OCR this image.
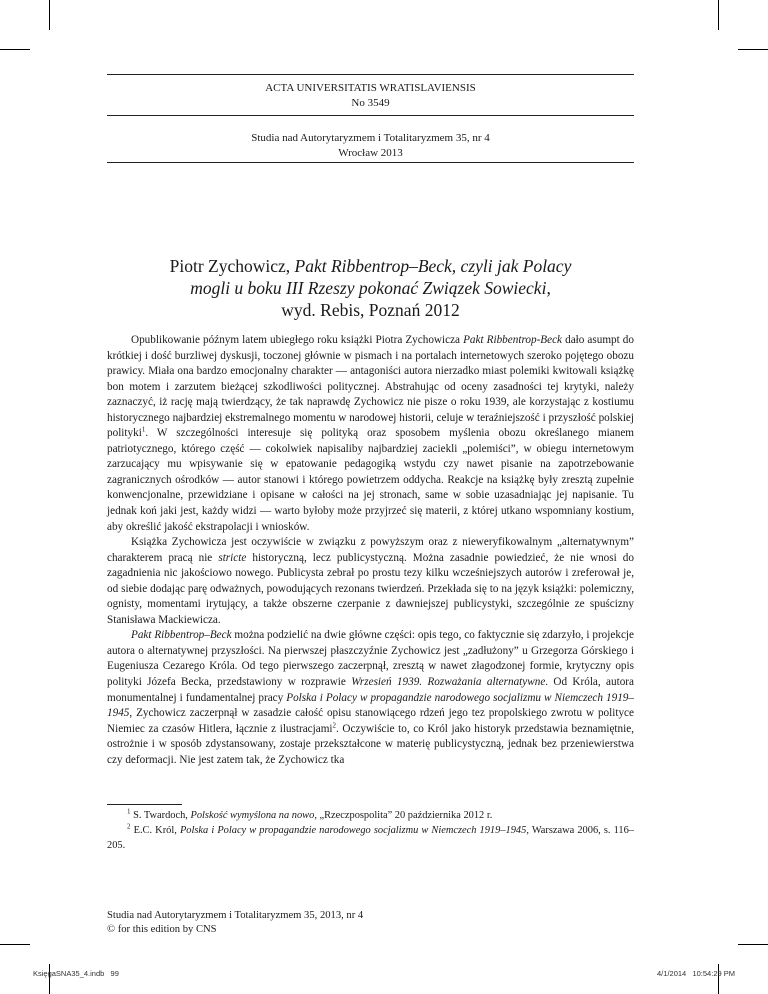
ACTA UNIVERSITATIS WRATISLAVIENSIS
No 3549
Studia nad Autorytaryzmem i Totalitaryzmem 35, nr 4
Wrocław 2013
Piotr Zychowicz, Pakt Ribbentrop–Beck, czyli jak Polacy
mogli u boku III Rzeszy pokonać Związek Sowiecki,
wyd. Rebis, Poznań 2012

Opublikowanie późnym latem ubiegłego roku książki Piotra Zychowicza Pakt Ribbentrop-Beck dało asumpt do krótkiej i dość burzliwej dyskusji, toczonej głównie w pismach i na portalach internetowych szeroko pojętego obozu prawicy. Miała ona bardzo emocjonalny charakter — antagoniści autora nierzadko miast polemiki kwitowali książkę bon motem i zarzutem bieżącej szkodliwości politycznej. Abstrahując od oceny zasadności tej krytyki, należy zaznaczyć, iż rację mają twierdzący, że tak naprawdę Zychowicz nie pisze o roku 1939, ale korzystając z kostiumu historycznego najbardziej ekstremalnego momentu w narodowej historii, celuje w teraźniejszość i przyszłość polskiej polityki$^1$. W szczególności interesuje się polityką oraz sposobem myślenia obozu określanego mianem patriotycznego, którego część — cokolwiek napisaliby najbardziej zaciekli „polemiści”, w obiegu internetowym zarzucający mu wpisywanie się w epatowanie pedagogiką wstydu czy nawet pisanie na zapotrzebowanie zagranicznych ośrodków — autor stanowi i którego powietrzem oddycha. Reakcje na książkę były zresztą zupełnie konwencjonalne, przewidziane i opisane w całości na jej stronach, same w sobie uzasadniając jej napisanie. Tu jednak koń jaki jest, każdy widzi — warto byłoby może przyjrzeć się materii, z której utkano wspomniany kostium, aby określić jakość ekstrapolacji i wniosków.

Książka Zychowicza jest oczywiście w związku z powyższym oraz z nieweryfikowalnym „alternatywnym” charakterem pracą nie stricte historyczną, lecz publicystyczną. Można zasadnie powiedzieć, że nie wnosi do zagadnienia nic jakościowo nowego. Publicysta zebrał po prostu tezy kilku wcześniejszych autorów i zreferował je, od siebie dodając parę odważnych, powodujących rezonans twierdzeń. Przekłada się to na język książki: polemiczny, ognisty, momentami irytujący, a także obszerne czerpanie z dawniejszej publicystyki, szczególnie ze spuścizny Stanisława Mackiewicza.

Pakt Ribbentrop–Beck można podzielić na dwie główne części: opis tego, co faktycznie się zdarzyło, i projekcje autora o alternatywnej przyszłości. Na pierwszej płaszczyźnie Zychowicz jest „zadłużony” u Grzegorza Górskiego i Eugeniusza Cezarego Króla. Od tego pierwszego zaczerpnął, zresztą w nawet złagodzonej formie, krytyczny opis polityki Józefa Becka, przedstawiony w rozprawie Wrzesień 1939. Rozważania alternatywne. Od Króla, autora monumentalnej i fundamentalnej pracy Polska i Polacy w propagandzie narodowego socjalizmu w Niemczech 1919–1945, Zychowicz zaczerpnął w zasadzie całość opisu stanowiącego rdzeń jego tez propolskiego zwrotu w polityce Niemiec za czasów Hitlera, łącznie z ilustracjami$^2$. Oczywiście to, co Król jako historyk przedstawia beznamiętnie, ostrożnie i w sposób zdystansowany, zostaje przekształcone w materię publicystyczną, jednak bez przeniewierstwa czy deformacji. Nie jest zatem tak, że Zychowicz tka

$^1$ S. Twardoch, Polskość wymyślona na nowo, „Rzeczpospolita” 20 października 2012 r.

$^2$ E.C. Król, Polska i Polacy w propagandzie narodowego socjalizmu w Niemczech 1919–1945, Warszawa 2006, s. 116–205.

Studia nad Autorytaryzmem i Totalitaryzmem 35, 2013, nr 4
© for this edition by CNS
KsięgaSNA35_4.indb   99	4/1/2014   10:54:29 PM
